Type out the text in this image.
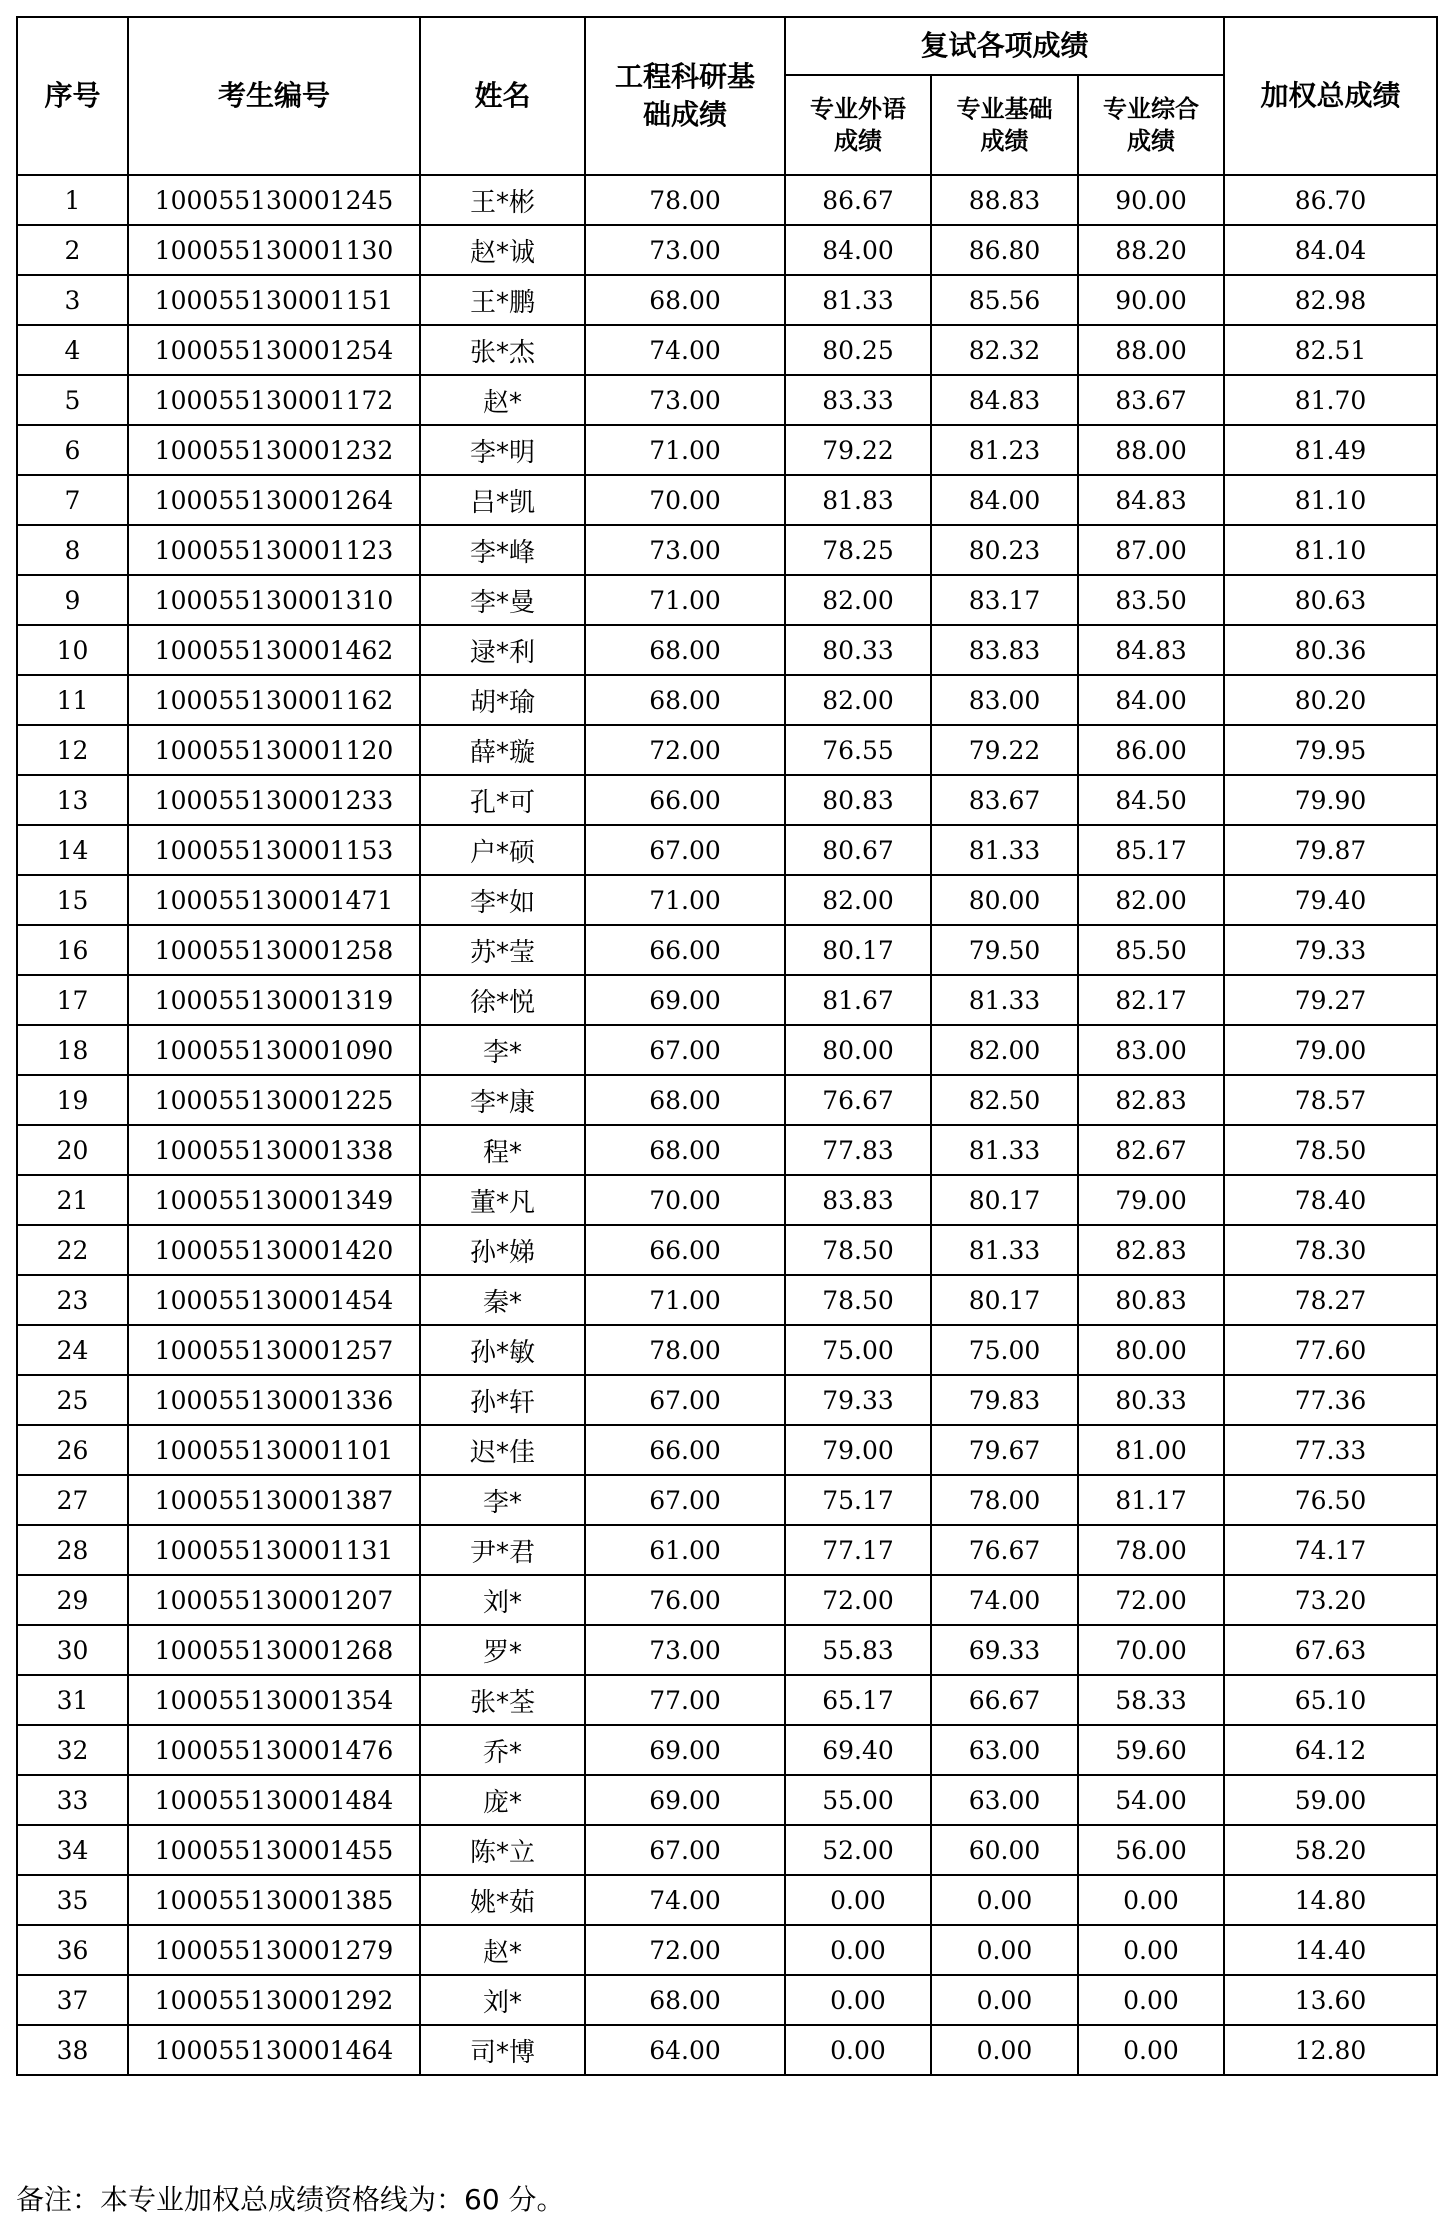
序号	考生编号	姓名	工程科研基础成绩	复试各项成绩			加权总成绩
				专业外语成绩	专业基础成绩	专业综合成绩	
1	100055130001245	王*彬	78.00	86.67	88.83	90.00	86.70
2	100055130001130	赵*诚	73.00	84.00	86.80	88.20	84.04
3	100055130001151	王*鹏	68.00	81.33	85.56	90.00	82.98
4	100055130001254	张*杰	74.00	80.25	82.32	88.00	82.51
5	100055130001172	赵*	73.00	83.33	84.83	83.67	81.70
6	100055130001232	李*明	71.00	79.22	81.23	88.00	81.49
7	100055130001264	吕*凯	70.00	81.83	84.00	84.83	81.10
8	100055130001123	李*峰	73.00	78.25	80.23	87.00	81.10
9	100055130001310	李*曼	71.00	82.00	83.17	83.50	80.63
10	100055130001462	逯*利	68.00	80.33	83.83	84.83	80.36
11	100055130001162	胡*瑜	68.00	82.00	83.00	84.00	80.20
12	100055130001120	薛*璇	72.00	76.55	79.22	86.00	79.95
13	100055130001233	孔*可	66.00	80.83	83.67	84.50	79.90
14	100055130001153	户*硕	67.00	80.67	81.33	85.17	79.87
15	100055130001471	李*如	71.00	82.00	80.00	82.00	79.40
16	100055130001258	苏*莹	66.00	80.17	79.50	85.50	79.33
17	100055130001319	徐*悦	69.00	81.67	81.33	82.17	79.27
18	100055130001090	李*	67.00	80.00	82.00	83.00	79.00
19	100055130001225	李*康	68.00	76.67	82.50	82.83	78.57
20	100055130001338	程*	68.00	77.83	81.33	82.67	78.50
21	100055130001349	董*凡	70.00	83.83	80.17	79.00	78.40
22	100055130001420	孙*娣	66.00	78.50	81.33	82.83	78.30
23	100055130001454	秦*	71.00	78.50	80.17	80.83	78.27
24	100055130001257	孙*敏	78.00	75.00	75.00	80.00	77.60
25	100055130001336	孙*轩	67.00	79.33	79.83	80.33	77.36
26	100055130001101	迟*佳	66.00	79.00	79.67	81.00	77.33
27	100055130001387	李*	67.00	75.17	78.00	81.17	76.50
28	100055130001131	尹*君	61.00	77.17	76.67	78.00	74.17
29	100055130001207	刘*	76.00	72.00	74.00	72.00	73.20
30	100055130001268	罗*	73.00	55.83	69.33	70.00	67.63
31	100055130001354	张*荃	77.00	65.17	66.67	58.33	65.10
32	100055130001476	乔*	69.00	69.40	63.00	59.60	64.12
33	100055130001484	庞*	69.00	55.00	63.00	54.00	59.00
34	100055130001455	陈*立	67.00	52.00	60.00	56.00	58.20
35	100055130001385	姚*茹	74.00	0.00	0.00	0.00	14.80
36	100055130001279	赵*	72.00	0.00	0.00	0.00	14.40
37	100055130001292	刘*	68.00	0.00	0.00	0.00	13.60
38	100055130001464	司*博	64.00	0.00	0.00	0.00	12.80
备注：本专业加权总成绩资格线为：60 分。
